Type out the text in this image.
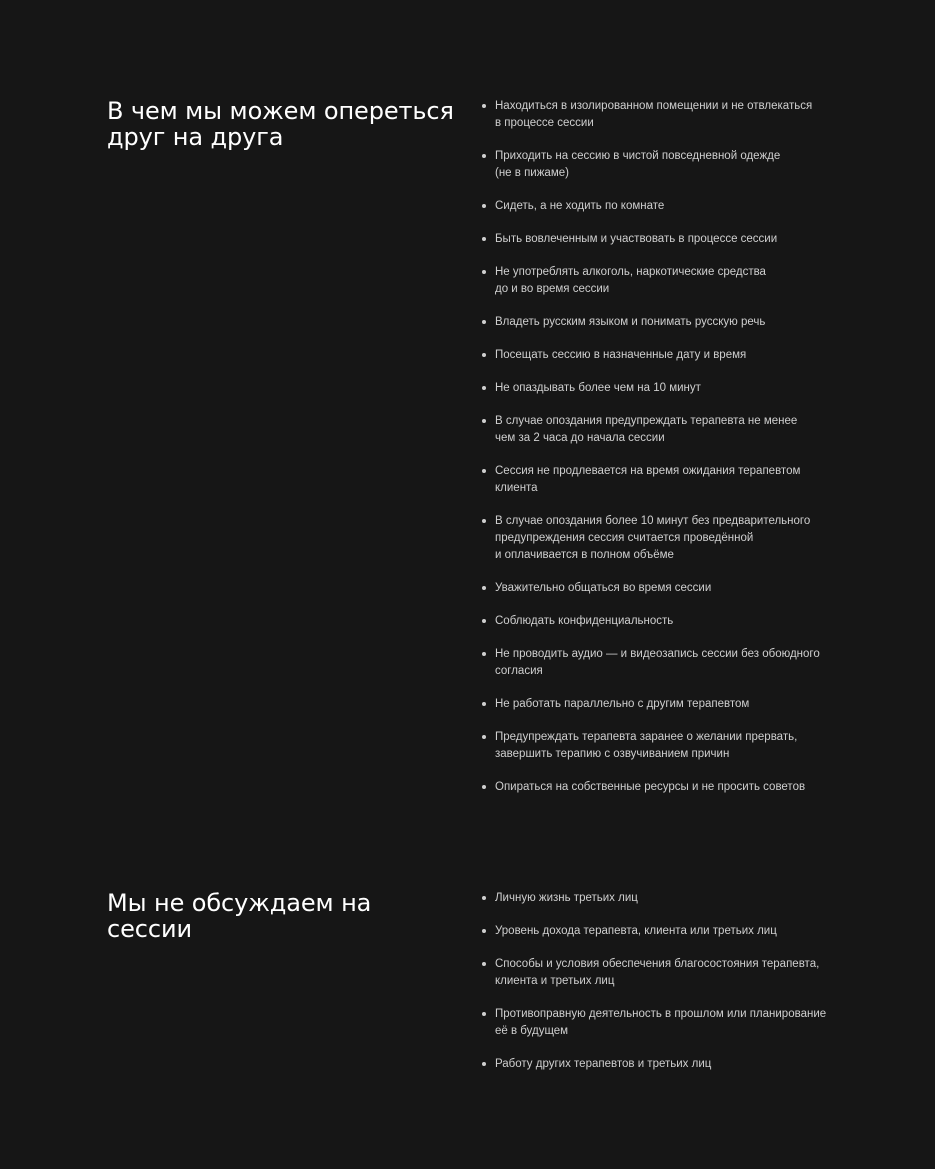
В чем мы можем опереться
друг на друга
Находиться в изолированном помещении и не отвлекаться
в процессе сессии
Приходить на сессию в чистой повседневной одежде
(не в пижаме)
Сидеть, а не ходить по комнате
Быть вовлеченным и участвовать в процессе сессии
Не употреблять алкоголь, наркотические средства
до и во время сессии
Владеть русским языком и понимать русскую речь
Посещать сессию в назначенные дату и время
Не опаздывать более чем на 10 минут
В случае опоздания предупреждать терапевта не менее
чем за 2 часа до начала сессии
Сессия не продлевается на время ожидания терапевтом
клиента
В случае опоздания более 10 минут без предварительного
предупреждения сессия считается проведённой
и оплачивается в полном объёме
Уважительно общаться во время сессии
Соблюдать конфиденциальность
Не проводить аудио — и видеозапись сессии без обоюдного
согласия
Не работать параллельно с другим терапевтом
Предупреждать терапевта заранее о желании прервать,
завершить терапию с озвучиванием причин
Опираться на собственные ресурсы и не просить советов
Мы не обсуждаем на
сессии
Личную жизнь третьих лиц
Уровень дохода терапевта, клиента или третьих лиц
Способы и условия обеспечения благосостояния терапевта,
клиента и третьих лиц
Противоправную деятельность в прошлом или планирование
её в будущем
Работу других терапевтов и третьих лиц
